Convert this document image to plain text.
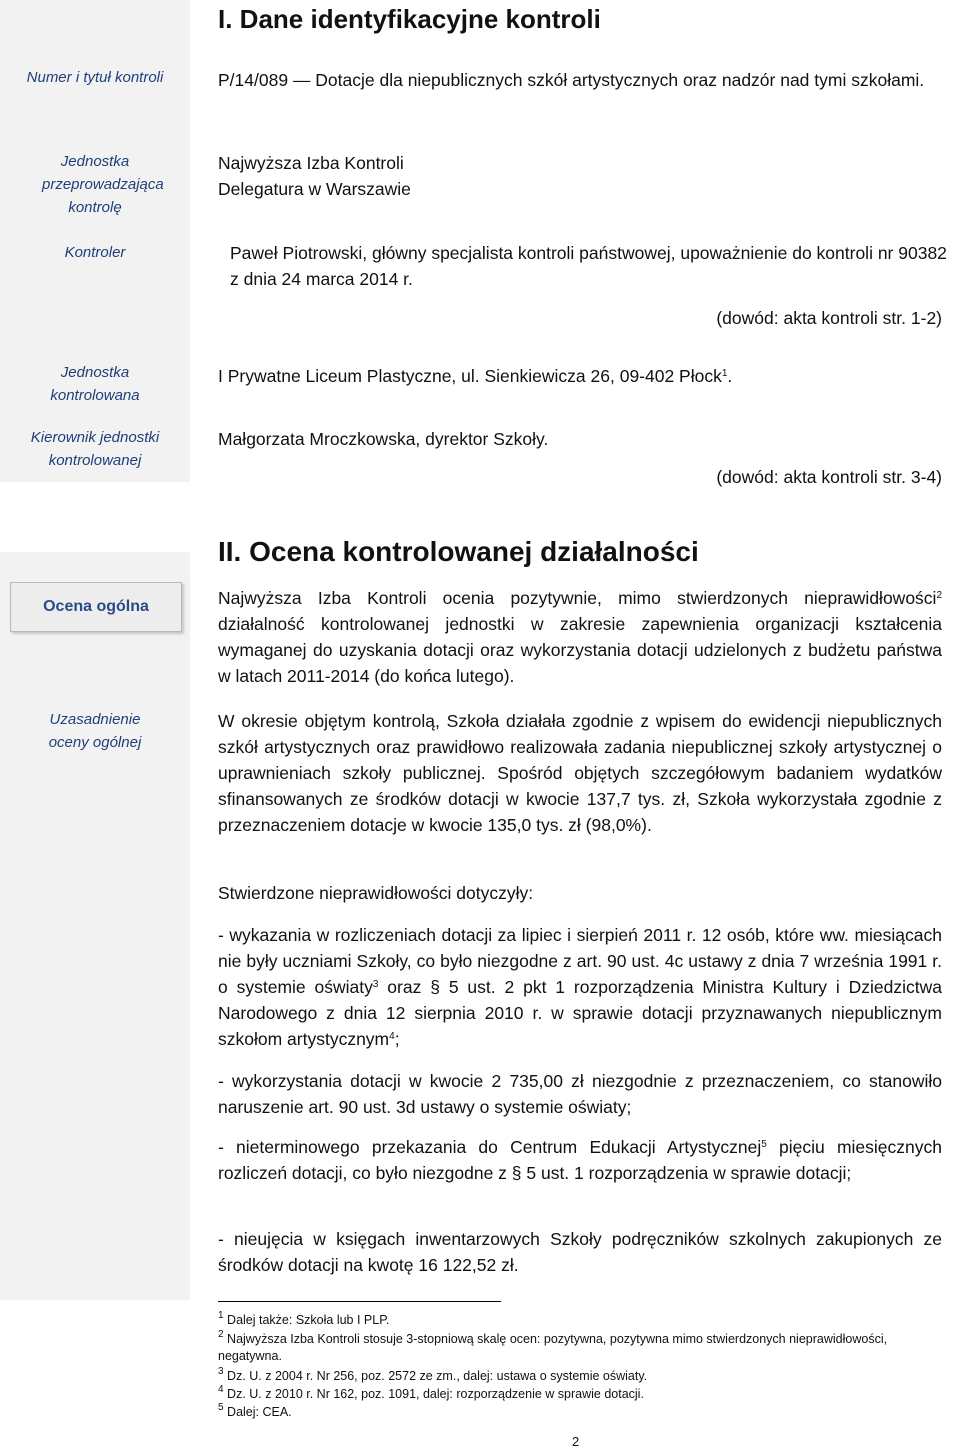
I. Dane identyfikacyjne kontroli
Numer i tytuł kontroli
Jednostka przeprowadzająca kontrolę
Kontroler
Jednostka kontrolowana
Kierownik jednostki kontrolowanej
P/14/089 — Dotacje dla niepublicznych szkół artystycznych oraz nadzór nad tymi szkołami.
Najwyższa Izba Kontroli
Delegatura w Warszawie
Paweł Piotrowski, główny specjalista kontroli państwowej, upoważnienie do kontroli nr 90382 z dnia 24 marca 2014 r.
(dowód: akta kontroli str. 1-2)
I Prywatne Liceum Plastyczne, ul. Sienkiewicza 26, 09-402 Płock$^1$.
Małgorzata Mroczkowska, dyrektor Szkoły.
(dowód: akta kontroli str. 3-4)
II. Ocena kontrolowanej działalności
Ocena ogólna
Uzasadnienie oceny ogólnej
Najwyższa Izba Kontroli ocenia pozytywnie, mimo stwierdzonych nieprawidłowości$^2$ działalność kontrolowanej jednostki w zakresie zapewnienia organizacji kształcenia wymaganej do uzyskania dotacji oraz wykorzystania dotacji udzielonych z budżetu państwa w latach 2011-2014 (do końca lutego).
W okresie objętym kontrolą, Szkoła działała zgodnie z wpisem do ewidencji niepublicznych szkół artystycznych oraz prawidłowo realizowała zadania niepublicznej szkoły artystycznej o uprawnieniach szkoły publicznej. Spośród objętych szczegółowym badaniem wydatków sfinansowanych ze środków dotacji w kwocie 137,7 tys. zł, Szkoła wykorzystała zgodnie z przeznaczeniem dotacje w kwocie 135,0 tys. zł (98,0%).
Stwierdzone nieprawidłowości dotyczyły:
- wykazania w rozliczeniach dotacji za lipiec i sierpień 2011 r. 12 osób, które ww. miesiącach nie były uczniami Szkoły, co było niezgodne z art. 90 ust. 4c ustawy z dnia 7 września 1991 r. o systemie oświaty$^3$ oraz § 5 ust. 2 pkt 1 rozporządzenia Ministra Kultury i Dziedzictwa Narodowego z dnia 12 sierpnia 2010 r. w sprawie dotacji przyznawanych niepublicznym szkołom artystycznym$^4$;
- wykorzystania dotacji w kwocie 2 735,00 zł niezgodnie z przeznaczeniem, co stanowiło naruszenie art. 90 ust. 3d ustawy o systemie oświaty;
- nieterminowego przekazania do Centrum Edukacji Artystycznej$^5$ pięciu miesięcznych rozliczeń dotacji, co było niezgodne z § 5 ust. 1 rozporządzenia w sprawie dotacji;
- nieujęcia w księgach inwentarzowych Szkoły podręczników szkolnych zakupionych ze środków dotacji na kwotę 16 122,52 zł.
$^1$ Dalej także: Szkoła lub I PLP.
$^2$ Najwyższa Izba Kontroli stosuje 3-stopniową skalę ocen: pozytywna, pozytywna mimo stwierdzonych nieprawidłowości, negatywna.
$^3$ Dz. U. z 2004 r. Nr 256, poz. 2572 ze zm., dalej: ustawa o systemie oświaty.
$^4$ Dz. U. z 2010 r. Nr 162, poz. 1091, dalej: rozporządzenie w sprawie dotacji.
$^5$ Dalej: CEA.
2
